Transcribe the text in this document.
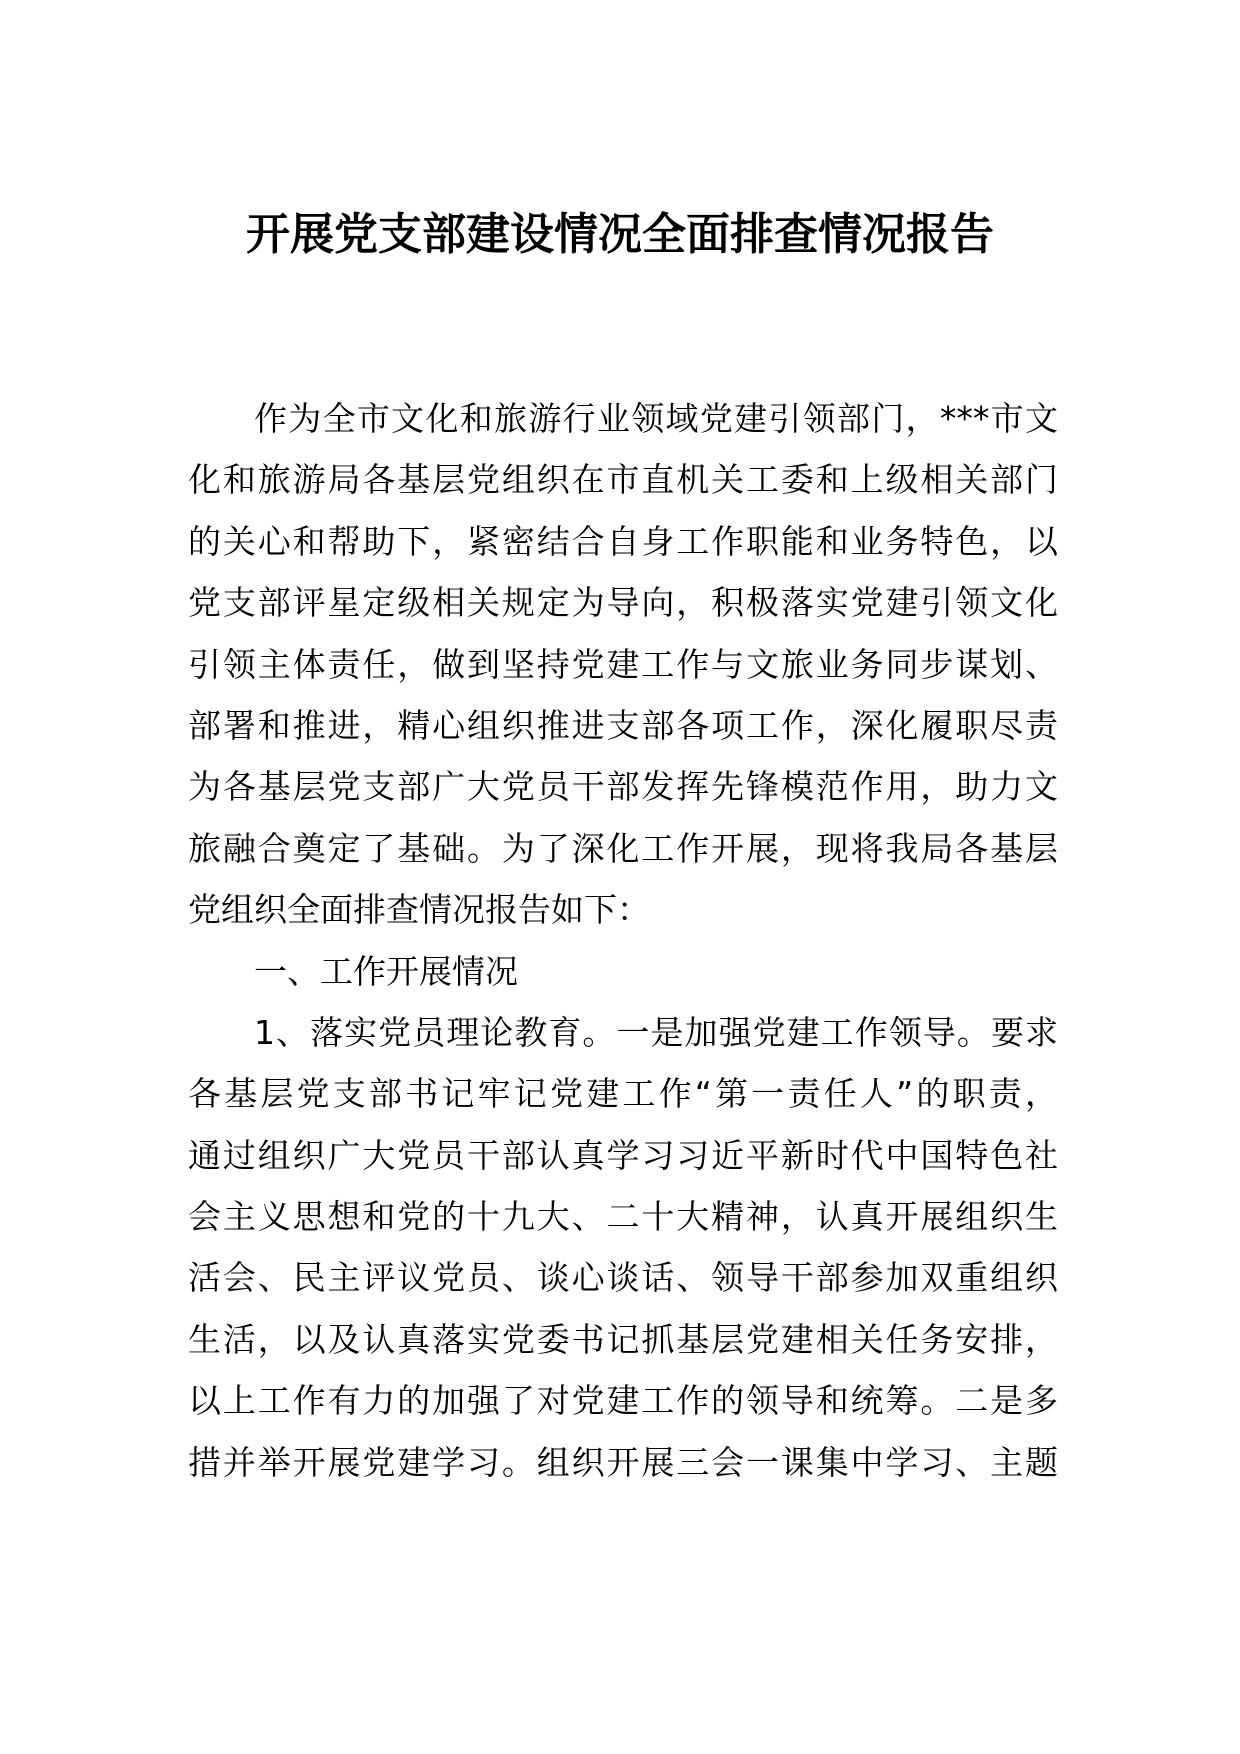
开展党支部建设情况全面排查情况报告
作为全市文化和旅游行业领域党建引领部门，***市文
化和旅游局各基层党组织在市直机关工委和上级相关部门
的关心和帮助下，紧密结合自身工作职能和业务特色，以
党支部评星定级相关规定为导向，积极落实党建引领文化
引领主体责任，做到坚持党建工作与文旅业务同步谋划、
部署和推进，精心组织推进支部各项工作，深化履职尽责
为各基层党支部广大党员干部发挥先锋模范作用，助力文
旅融合奠定了基础。为了深化工作开展，现将我局各基层
党组织全面排查情况报告如下：
一、工作开展情况
1、落实党员理论教育。一是加强党建工作领导。要求
各基层党支部书记牢记党建工作“第一责任人”的职责，
通过组织广大党员干部认真学习习近平新时代中国特色社
会主义思想和党的十九大、二十大精神，认真开展组织生
活会、民主评议党员、谈心谈话、领导干部参加双重组织
生活，以及认真落实党委书记抓基层党建相关任务安排，
以上工作有力的加强了对党建工作的领导和统筹。二是多
措并举开展党建学习。组织开展三会一课集中学习、主题
